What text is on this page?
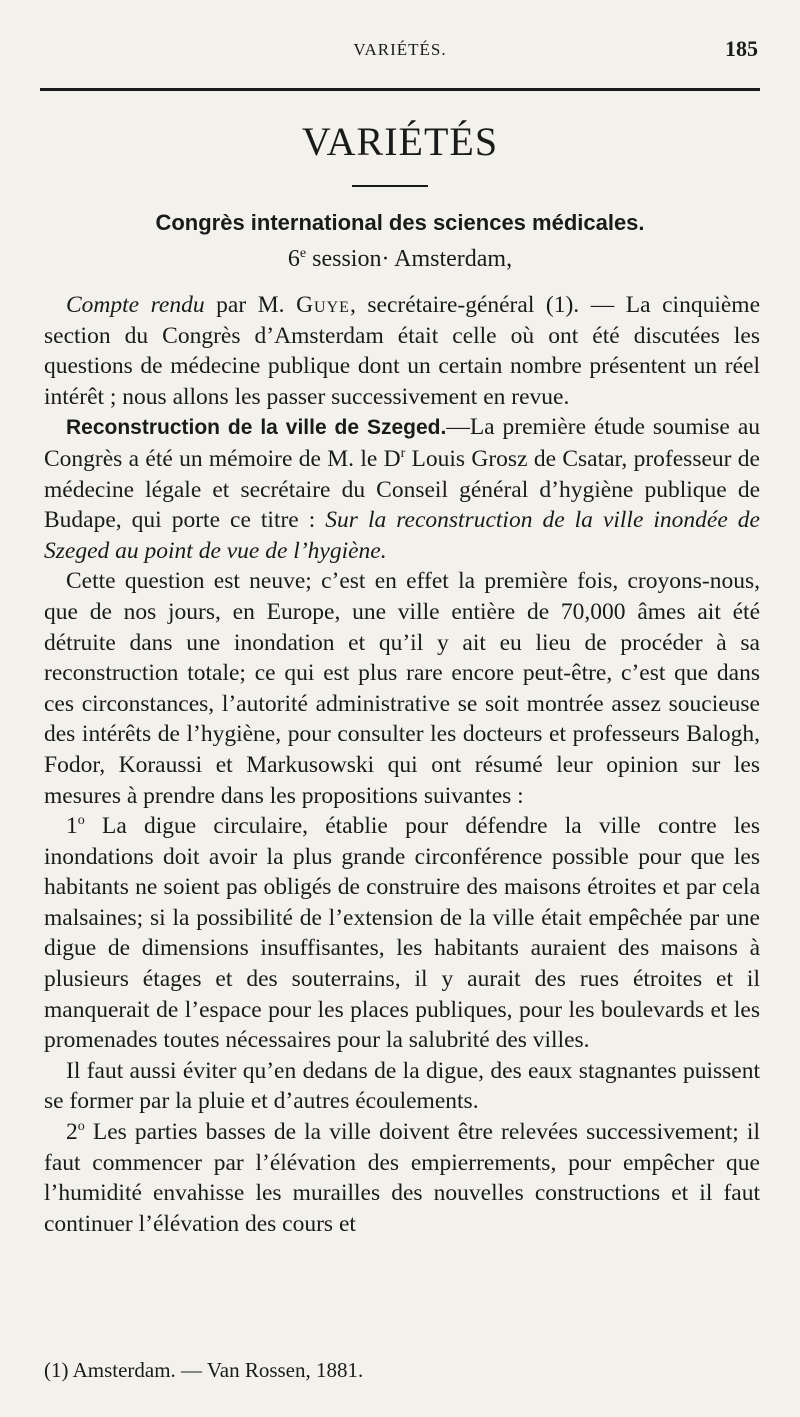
VARIÉTÉS.	185
VARIÉTÉS
Congrès international des sciences médicales.
6e session· Amsterdam,

Compte rendu par M. Guye, secrétaire-général (1). — La cinquième section du Congrès d’Amsterdam était celle où ont été discutées les questions de médecine publique dont un certain nombre présentent un réel intérêt ; nous allons les passer successivement en revue.

Reconstruction de la ville de Szeged.—La première étude soumise au Congrès a été un mémoire de M. le $D^r$ Louis Grosz de Csatar, professeur de médecine légale et secrétaire du Conseil général d’hygiène publique de Budape, qui porte ce titre : Sur la reconstruction de la ville inondée de Szeged au point de vue de l’hygiène.

Cette question est neuve; c’est en effet la première fois, croyons-nous, que de nos jours, en Europe, une ville entière de 70,000 âmes ait été détruite dans une inondation et qu’il y ait eu lieu de procéder à sa reconstruction totale; ce qui est plus rare encore peut-être, c’est que dans ces circonstances, l’autorité administrative se soit montrée assez soucieuse des intérêts de l’hygiène, pour consulter les docteurs et professeurs Balogh, Fodor, Koraussi et Markusowski qui ont résumé leur opinion sur les mesures à prendre dans les propositions suivantes :

1$^o$ La digue circulaire, établie pour défendre la ville contre les inondations doit avoir la plus grande circonférence possible pour que les habitants ne soient pas obligés de construire des maisons étroites et par cela malsaines; si la possibilité de l’extension de la ville était empêchée par une digue de dimensions insuffisantes, les habitants auraient des maisons à plusieurs étages et des souterrains, il y aurait des rues étroites et il manquerait de l’espace pour les places publiques, pour les boulevards et les promenades toutes nécessaires pour la salubrité des villes.

Il faut aussi éviter qu’en dedans de la digue, des eaux stagnantes puissent se former par la pluie et d’autres écoulements.

2$^o$ Les parties basses de la ville doivent être relevées successivement; il faut commencer par l’élévation des empierrements, pour empêcher que l’humidité envahisse les murailles des nouvelles constructions et il faut continuer l’élévation des cours et

(1) Amsterdam. — Van Rossen, 1881.
